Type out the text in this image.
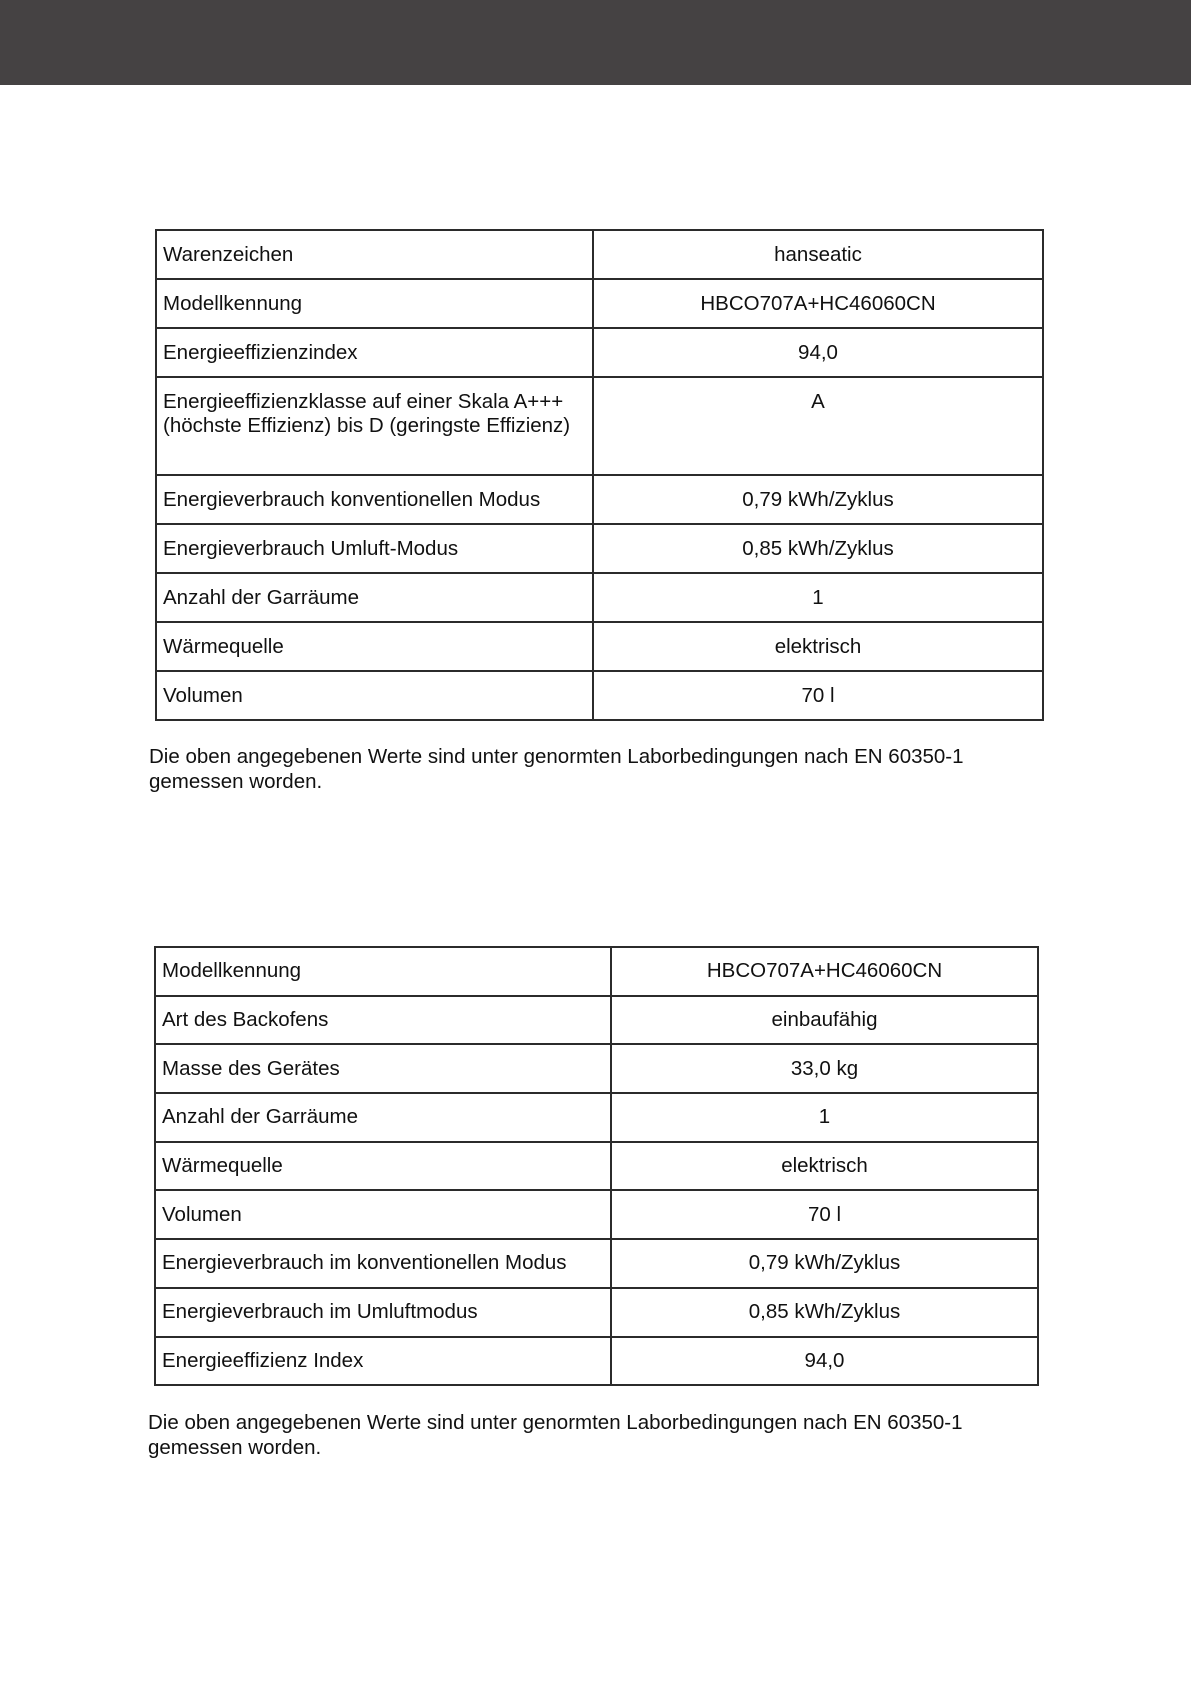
Warenzeichen	hanseatic
Modellkennung	HBCO707A+HC46060CN
Energieeffizienzindex	94,0
Energieeffizienzklasse auf einer Skala A+++ (höchste Effizienz) bis D (geringste Effizienz)	A
Energieverbrauch konventionellen Modus	0,79 kWh/Zyklus
Energieverbrauch Umluft-Modus	0,85 kWh/Zyklus
Anzahl der Garräume	1
Wärmequelle	elektrisch
Volumen	70 l
Die oben angegebenen Werte sind unter genormten Laborbedingungen nach EN 60350-1 gemessen worden.
Modellkennung	HBCO707A+HC46060CN
Art des Backofens	einbaufähig
Masse des Gerätes	33,0 kg
Anzahl der Garräume	1
Wärmequelle	elektrisch
Volumen	70 l
Energieverbrauch im konventionellen Modus	0,79 kWh/Zyklus
Energieverbrauch im Umluftmodus	0,85 kWh/Zyklus
Energieeffizienz Index	94,0
Die oben angegebenen Werte sind unter genormten Laborbedingungen nach EN 60350-1 gemessen worden.
